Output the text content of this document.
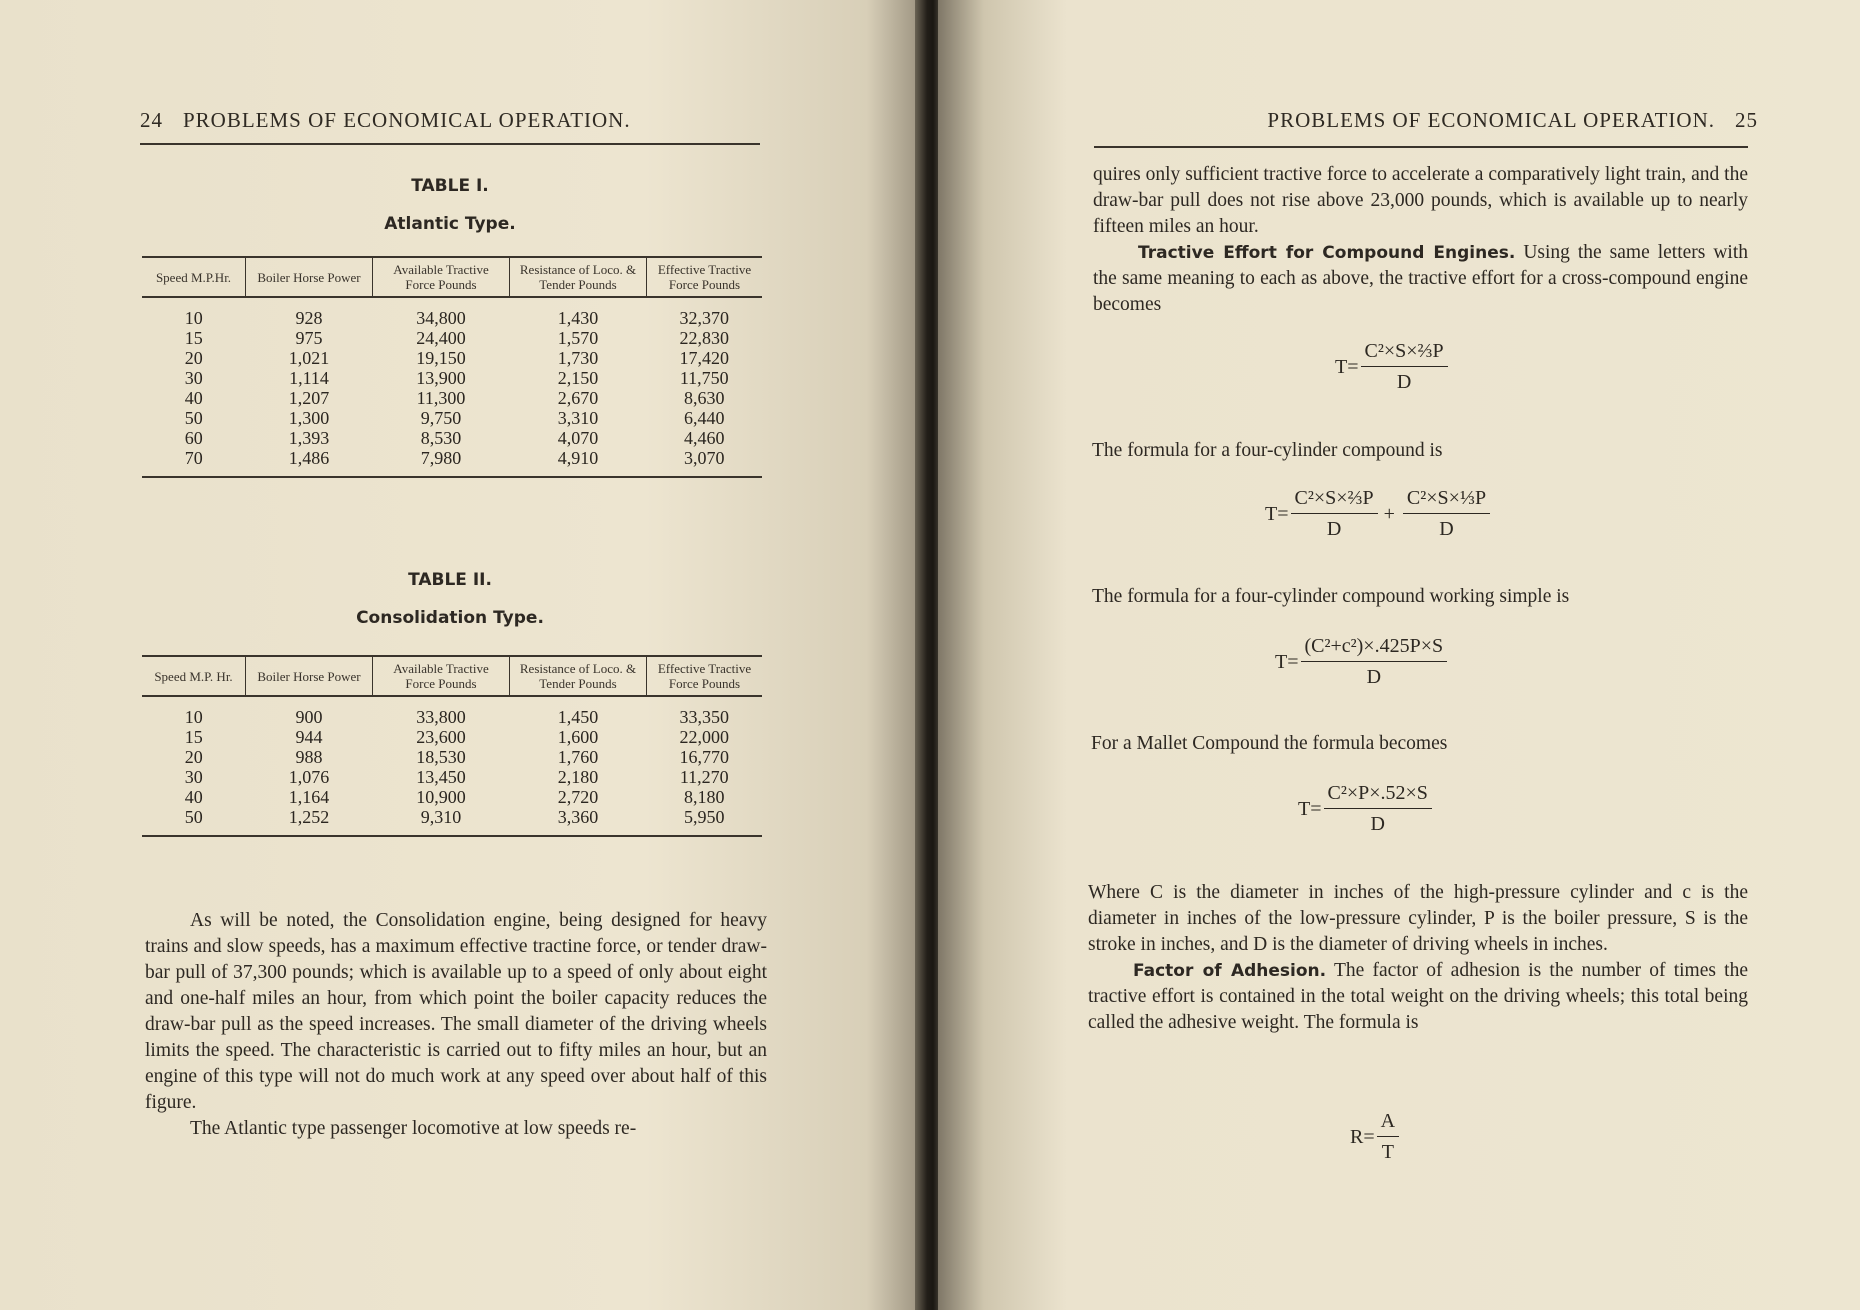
24 PROBLEMS OF ECONOMICAL OPERATION.
TABLE I.
Atlantic Type.
Speed M.P.Hr.	Boiler Horse Power	Available Tractive Force Pounds	Resistance of Loco. & Tender Pounds	Effective Tractive Force Pounds
10	928	34,800	1,430	32,370
15	975	24,400	1,570	22,830
20	1,021	19,150	1,730	17,420
30	1,114	13,900	2,150	11,750
40	1,207	11,300	2,670	8,630
50	1,300	9,750	3,310	6,440
60	1,393	8,530	4,070	4,460
70	1,486	7,980	4,910	3,070
TABLE II.
Consolidation Type.
Speed M.P. Hr.	Boiler Horse Power	Available Tractive Force Pounds	Resistance of Loco. & Tender Pounds	Effective Tractive Force Pounds
10	900	33,800	1,450	33,350
15	944	23,600	1,600	22,000
20	988	18,530	1,760	16,770
30	1,076	13,450	2,180	11,270
40	1,164	10,900	2,720	8,180
50	1,252	9,310	3,360	5,950

As will be noted, the Consolidation engine, being designed for heavy trains and slow speeds, has a maximum effective tractine force, or tender draw-bar pull of 37,300 pounds; which is available up to a speed of only about eight and one-half miles an hour, from which point the boiler capacity reduces the draw-bar pull as the speed increases. The small diameter of the driving wheels limits the speed. The characteristic is carried out to fifty miles an hour, but an engine of this type will not do much work at any speed over about half of this figure.

The Atlantic type passenger locomotive at low speeds re-

PROBLEMS OF ECONOMICAL OPERATION. 25

quires only sufficient tractive force to accelerate a comparatively light train, and the draw-bar pull does not rise above 23,000 pounds, which is available up to nearly fifteen miles an hour.

Tractive Effort for Compound Engines. Using the same letters with the same meaning to each as above, the tractive effort for a cross-compound engine becomes

$T= \frac{\text{C²×S×⅔P}}{D}$

The formula for a four-cylinder compound is

$T= \frac{\text{C²×S×⅔P}}{D} + \frac{\text{C²×S×⅓P}}{D}$

The formula for a four-cylinder compound working simple is

$T= \frac{\text{(C²+c²)×.425P×S}}{D}$

For a Mallet Compound the formula becomes

$T= \frac{\text{C²×P×.52×S}}{D}$

Where C is the diameter in inches of the high-pressure cylinder and c is the diameter in inches of the low-pressure cylinder, P is the boiler pressure, S is the stroke in inches, and D is the diameter of driving wheels in inches.

Factor of Adhesion. The factor of adhesion is the number of times the tractive effort is contained in the total weight on the driving wheels; this total being called the adhesive weight. The formula is

$R= \frac{A}{T}$
